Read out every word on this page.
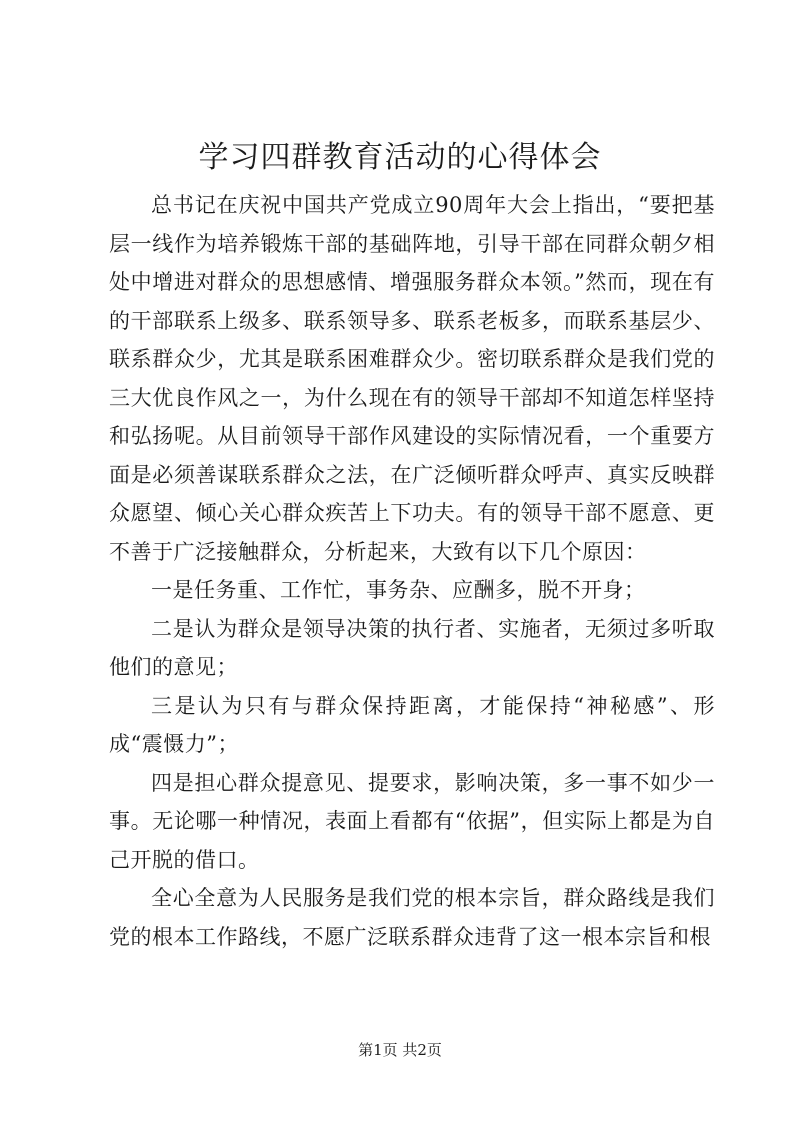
学习四群教育活动的心得体会

总书记在庆祝中国共产党成立90周年大会上指出，“要把基层一线作为培养锻炼干部的基础阵地，引导干部在同群众朝夕相处中增进对群众的思想感情、增强服务群众本领。”然而，现在有的干部联系上级多、联系领导多、联系老板多，而联系基层少、联系群众少，尤其是联系困难群众少。密切联系群众是我们党的三大优良作风之一，为什么现在有的领导干部却不知道怎样坚持和弘扬呢。从目前领导干部作风建设的实际情况看，一个重要方面是必须善谋联系群众之法，在广泛倾听群众呼声、真实反映群众愿望、倾心关心群众疾苦上下功夫。有的领导干部不愿意、更不善于广泛接触群众，分析起来，大致有以下几个原因：

一是任务重、工作忙，事务杂、应酬多，脱不开身；

二是认为群众是领导决策的执行者、实施者，无须过多听取他们的意见；

三是认为只有与群众保持距离，才能保持“神秘感”、形成“震慑力”；

四是担心群众提意见、提要求，影响决策，多一事不如少一事。无论哪一种情况，表面上看都有“依据”，但实际上都是为自己开脱的借口。

全心全意为人民服务是我们党的根本宗旨，群众路线是我们党的根本工作路线，不愿广泛联系群众违背了这一根本宗旨和根

第1页 共2页
